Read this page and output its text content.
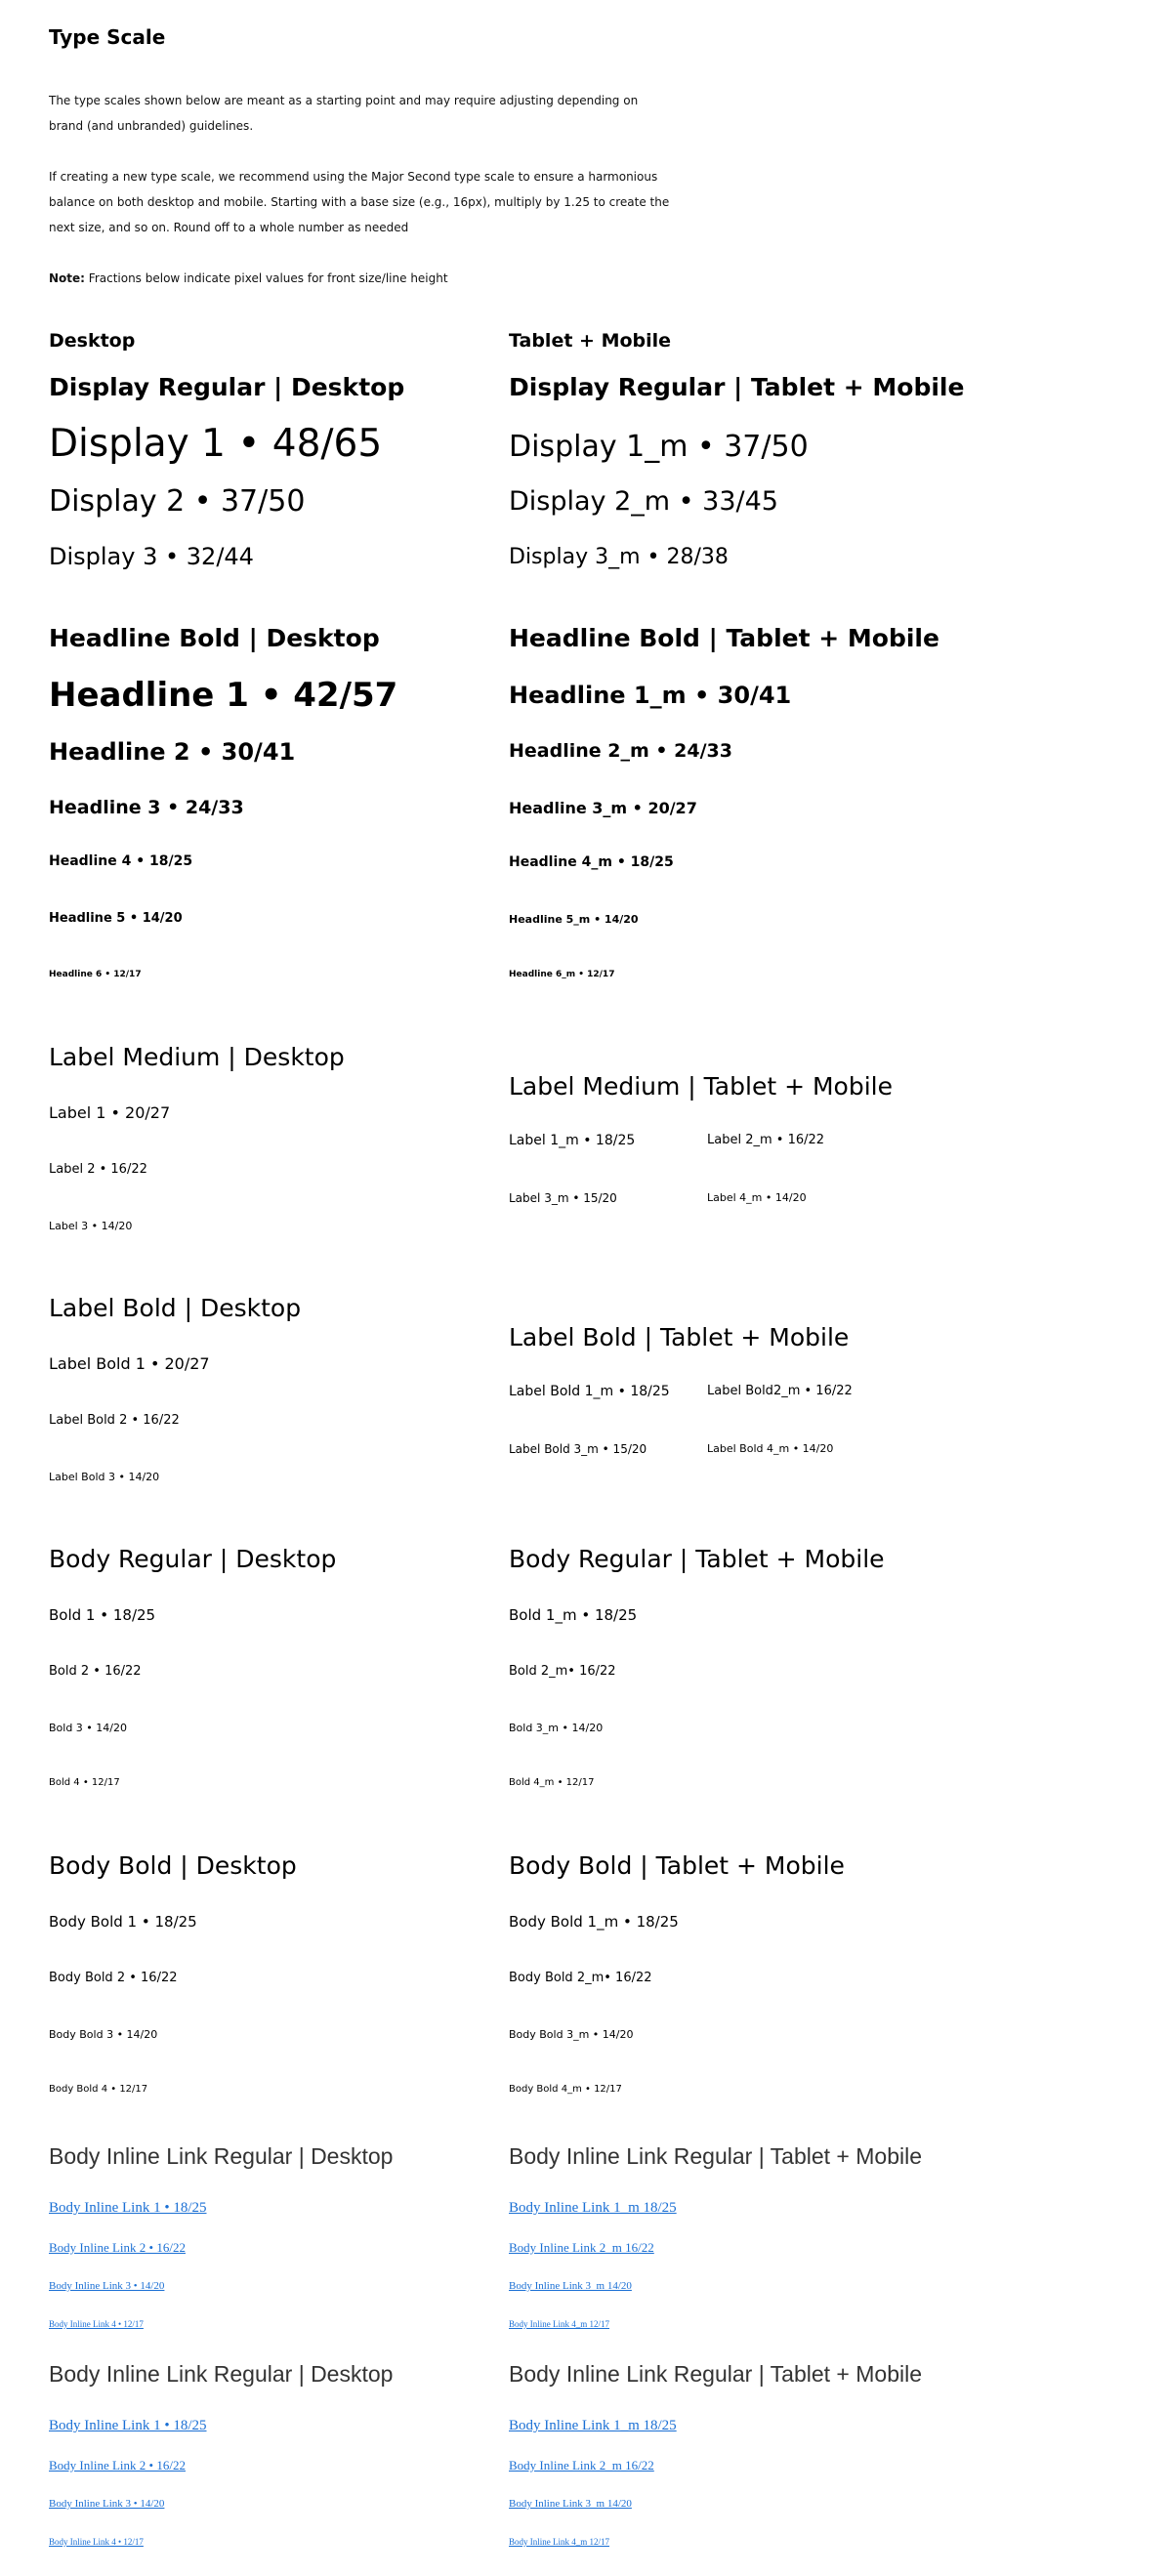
Type Scale
The type scales shown below are meant as a starting point and may require adjusting depending on brand (and unbranded) guidelines.
If creating a new type scale, we recommend using the Major Second type scale to ensure a harmonious balance on both desktop and mobile. Starting with a base size (e.g., 16px), multiply by 1.25 to create the next size, and so on. Round off to a whole number as needed
Note: Fractions below indicate pixel values for front size/line height
Desktop	Tablet + Mobile
Display Regular | Desktop	Display Regular | Tablet + Mobile
Display 1 • 48/65
Display 2 • 37/50
Display 3 • 32/44
Display 1_m • 37/50
Display 2_m • 33/45
Display 3_m • 28/38
Headline Bold | Desktop	Headline Bold | Tablet + Mobile
Headline 1 • 42/57
Headline 2 • 30/41
Headline 3 • 24/33
Headline 4 • 18/25
Headline 5 • 14/20
Headline 6 • 12/17
Headline 1_m • 30/41
Headline 2_m • 24/33
Headline 3_m • 20/27
Headline 4_m • 18/25
Headline 5_m • 14/20
Headline 6_m • 12/17
Label Medium | Desktop
Label 1 • 20/27
Label 2 • 16/22
Label 3 • 14/20
Label Medium | Tablet + Mobile
Label 1_m • 18/25	Label 2_m • 16/22
Label 3_m • 15/20	Label 4_m • 14/20
Label Bold | Desktop
Label Bold 1 • 20/27
Label Bold 2 • 16/22
Label Bold 3 • 14/20
Label Bold | Tablet + Mobile
Label Bold 1_m • 18/25	Label Bold2_m • 16/22
Label Bold 3_m • 15/20	Label Bold 4_m • 14/20
Body Regular | Desktop	Body Regular | Tablet + Mobile
Bold 1 • 18/25
Bold 2 • 16/22
Bold 3 • 14/20
Bold 4 • 12/17
Bold 1_m • 18/25
Bold 2_m• 16/22
Bold 3_m • 14/20
Bold 4_m • 12/17
Body Bold | Desktop	Body Bold | Tablet + Mobile
Body Bold 1 • 18/25
Body Bold 2 • 16/22
Body Bold 3 • 14/20
Body Bold 4 • 12/17
Body Bold 1_m • 18/25
Body Bold 2_m• 16/22
Body Bold 3_m • 14/20
Body Bold 4_m • 12/17
Body Inline Link Regular | Desktop	Body Inline Link Regular | Tablet + Mobile
Body Inline Link 1 • 18/25
Body Inline Link 2 • 16/22
Body Inline Link 3 • 14/20
Body Inline Link 4 • 12/17
Body Inline Link 1_m 18/25
Body Inline Link 2_m 16/22
Body Inline Link 3_m 14/20
Body Inline Link 4_m 12/17
Body Inline Link Regular | Desktop	Body Inline Link Regular | Tablet + Mobile
Body Inline Link 1 • 18/25
Body Inline Link 2 • 16/22
Body Inline Link 3 • 14/20
Body Inline Link 4 • 12/17
Body Inline Link 1_m 18/25
Body Inline Link 2_m 16/22
Body Inline Link 3_m 14/20
Body Inline Link 4_m 12/17
